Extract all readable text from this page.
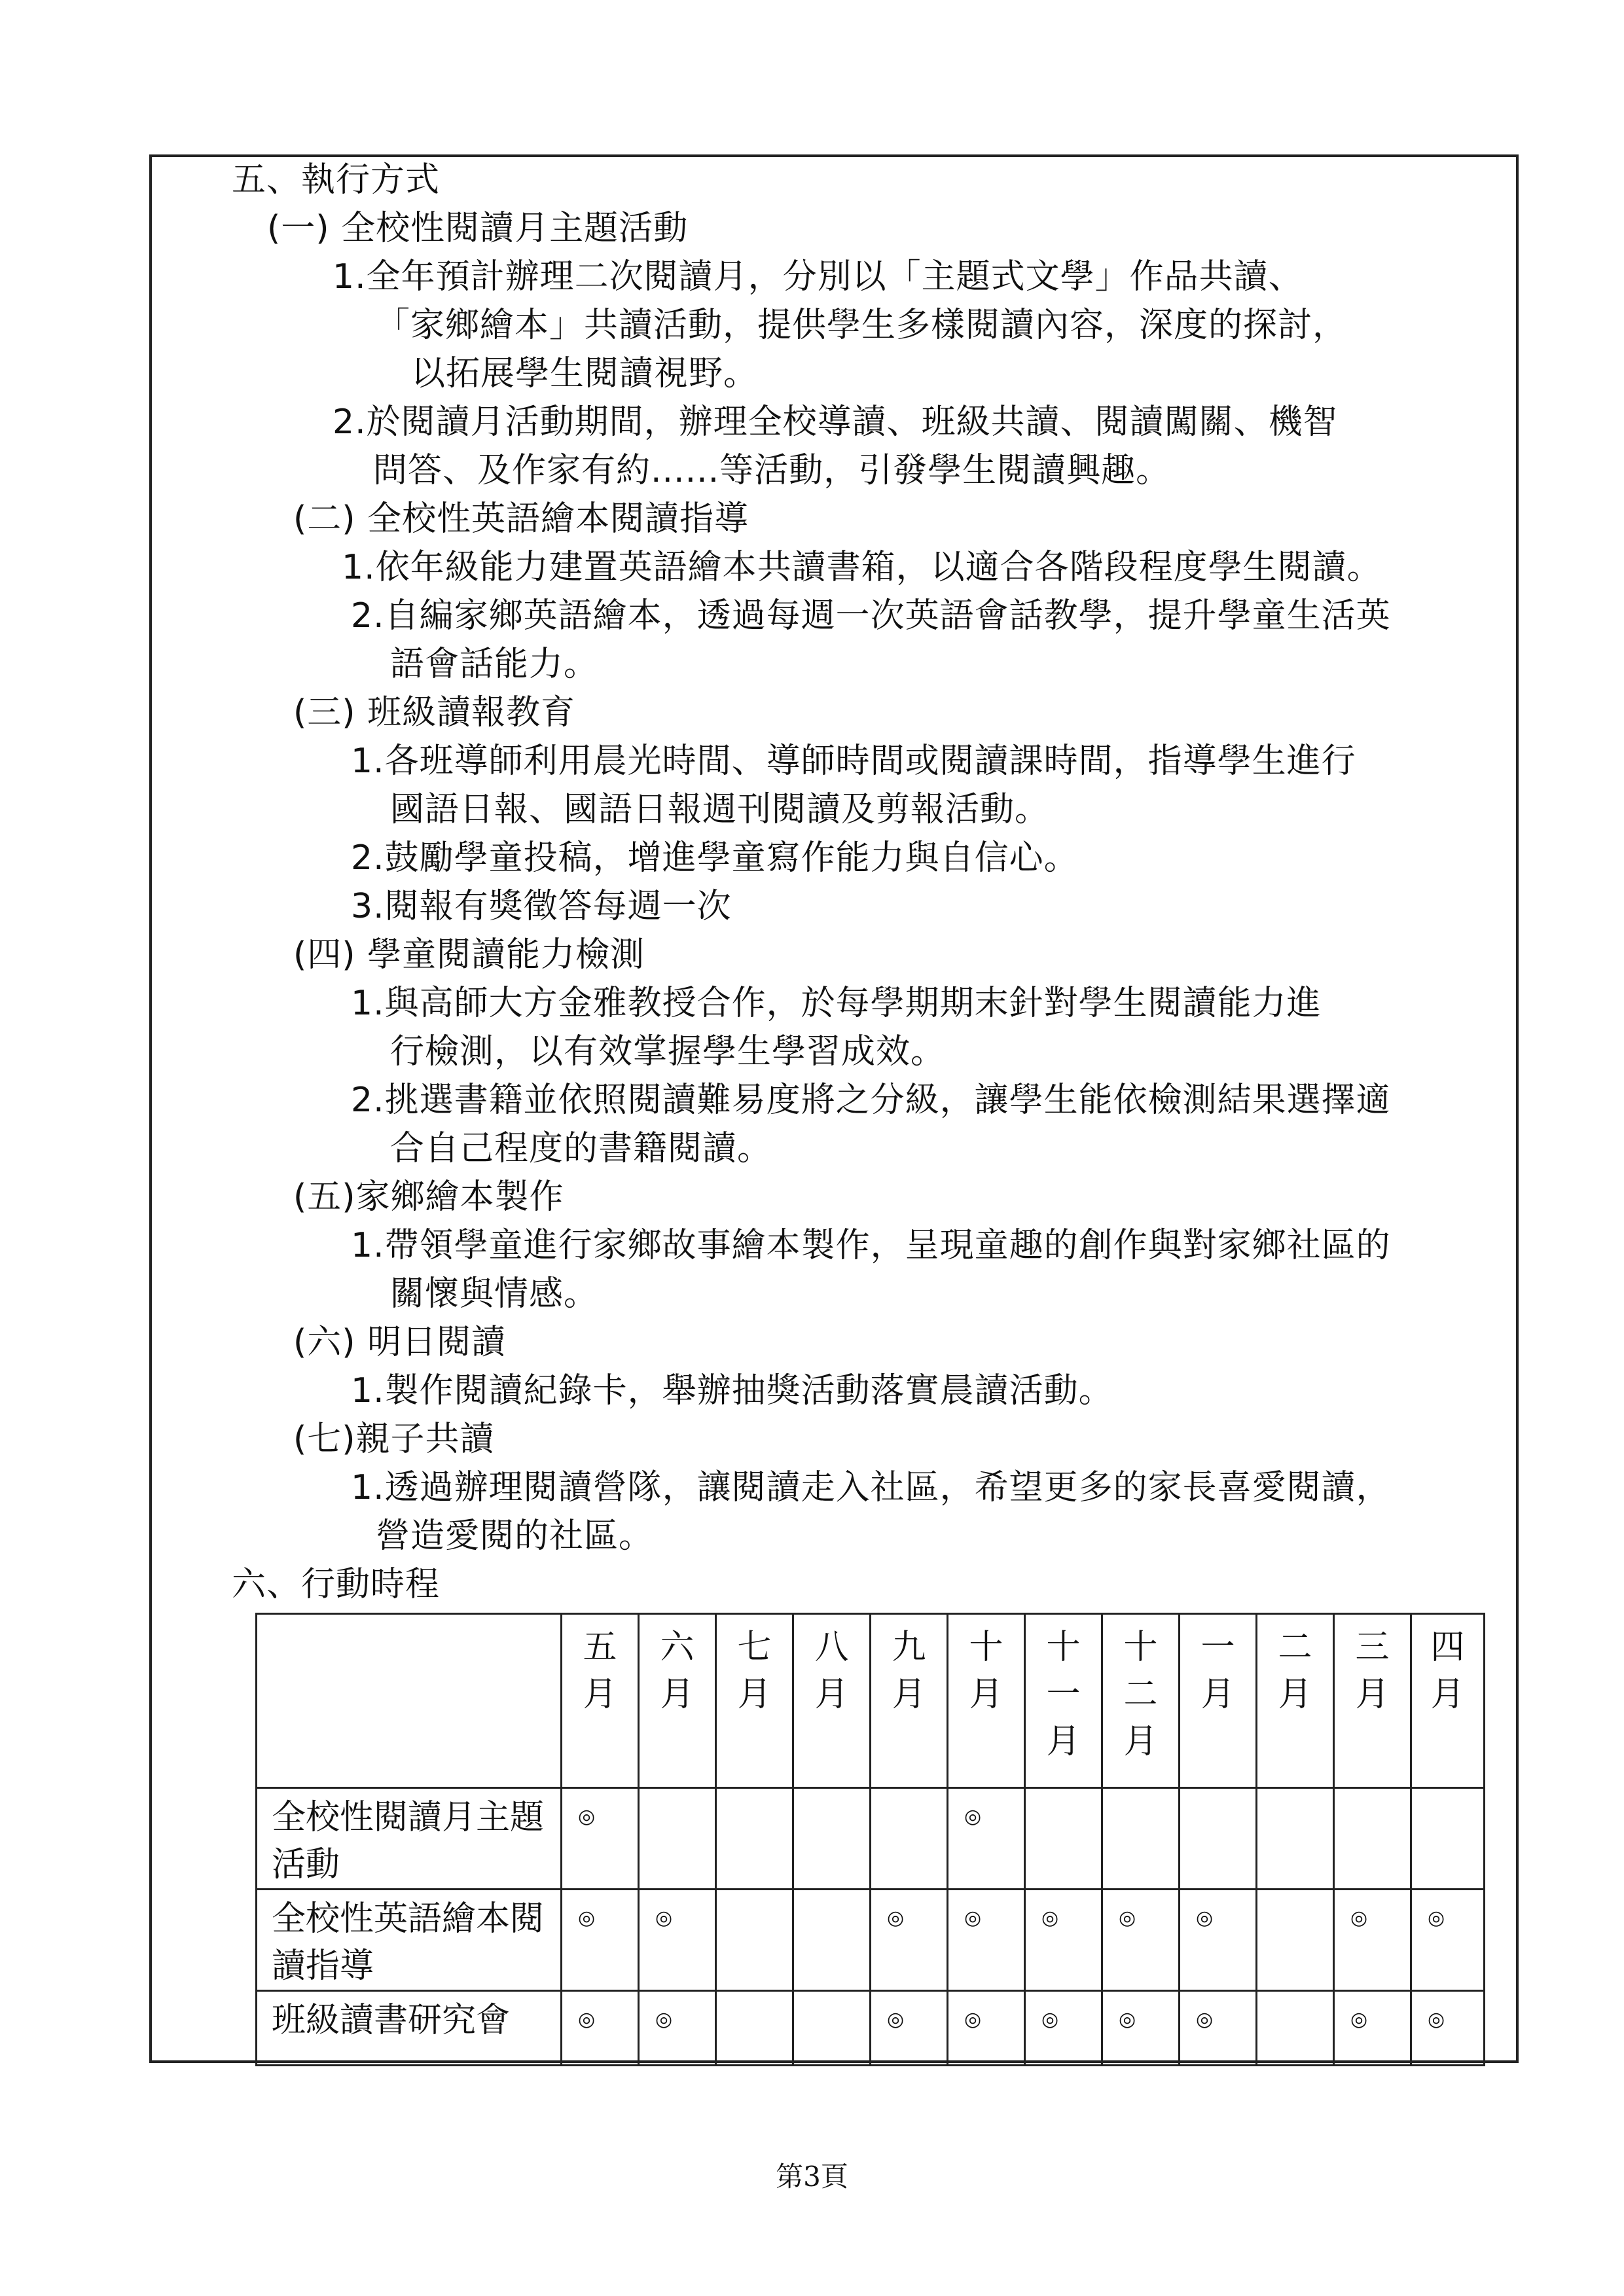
五、執行方式
(一) 全校性閱讀月主題活動
1.全年預計辦理二次閱讀月，分別以「主題式文學」作品共讀、
「家鄉繪本」共讀活動，提供學生多樣閱讀內容，深度的探討，
以拓展學生閱讀視野。
2.於閱讀月活動期間，辦理全校導讀、班級共讀、閱讀闖關、機智
問答、及作家有約......等活動，引發學生閱讀興趣。
(二) 全校性英語繪本閱讀指導
1.依年級能力建置英語繪本共讀書箱，以適合各階段程度學生閱讀。
2.自編家鄉英語繪本，透過每週一次英語會話教學，提升學童生活英
語會話能力。
(三) 班級讀報教育
1.各班導師利用晨光時間、導師時間或閱讀課時間，指導學生進行
國語日報、國語日報週刊閱讀及剪報活動。
2.鼓勵學童投稿，增進學童寫作能力與自信心。
3.閱報有獎徵答每週一次
(四) 學童閱讀能力檢測
1.與高師大方金雅教授合作，於每學期期末針對學生閱讀能力進
行檢測，以有效掌握學生學習成效。
2.挑選書籍並依照閱讀難易度將之分級，讓學生能依檢測結果選擇適
合自己程度的書籍閱讀。
(五)家鄉繪本製作
1.帶領學童進行家鄉故事繪本製作，呈現童趣的創作與對家鄉社區的
關懷與情感。
(六) 明日閱讀
1.製作閱讀紀錄卡，舉辦抽獎活動落實晨讀活動。
(七)親子共讀
1.透過辦理閱讀營隊，讓閱讀走入社區，希望更多的家長喜愛閱讀，
營造愛閱的社區。
六、行動時程

	五月	六月	七月	八月	九月	十月	十一月	十二月	一月	二月	三月	四月

全校性閱讀月主題活動	◎					◎						
全校性英語繪本閱讀指導	◎	◎			◎	◎	◎	◎	◎		◎	◎
班級讀書研究會	◎	◎			◎	◎	◎	◎	◎		◎	◎
第3頁
